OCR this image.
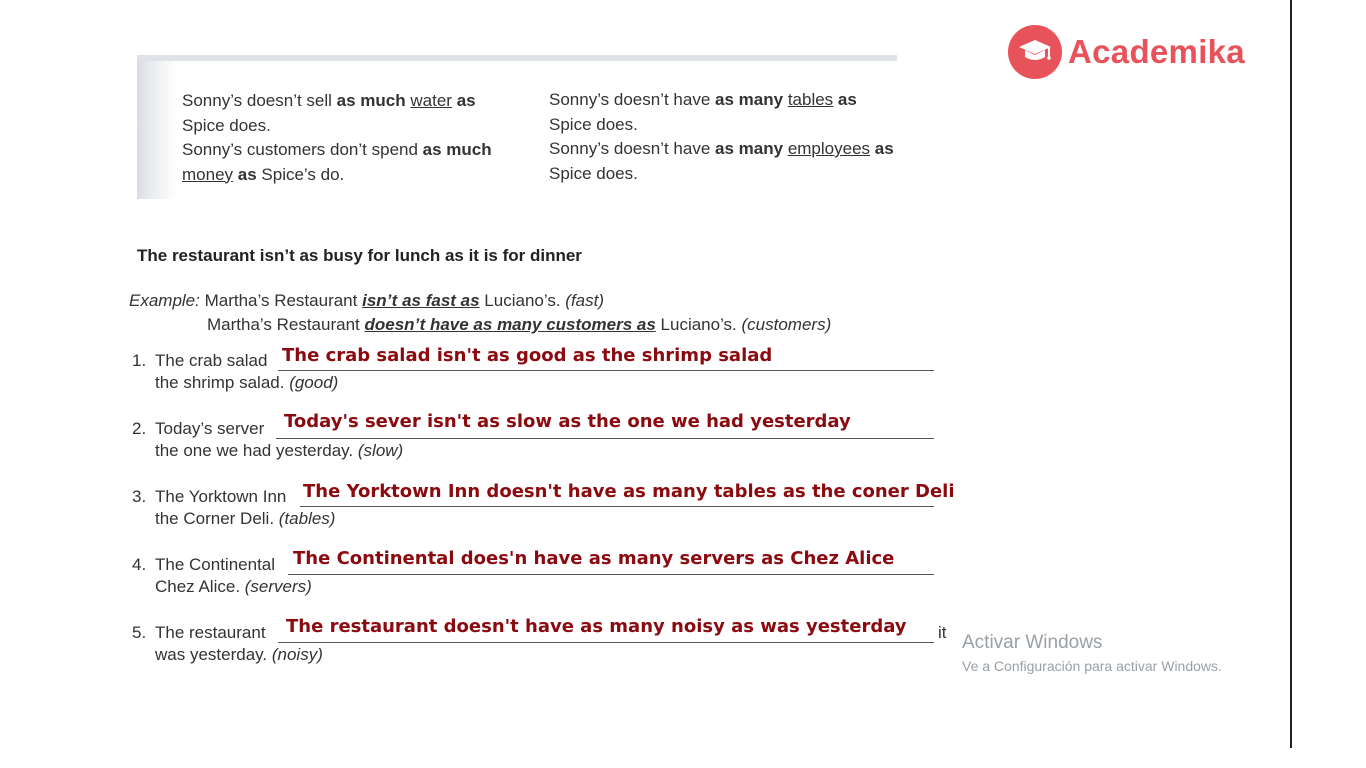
Academika
Sonny’s doesn’t sell as much water as
Spice does.
Sonny’s customers don’t spend as much
money as Spice’s do.
Sonny’s doesn’t have as many tables as
Spice does.
Sonny’s doesn’t have as many employees as
Spice does.
The restaurant isn’t as busy for lunch as it is for dinner
Example: Martha’s Restaurant isn’t as fast as Luciano’s. (fast)
Martha’s Restaurant doesn’t have as many customers as Luciano’s. (customers)
1. The crab salad The crab salad isn't as good as the shrimp salad
the shrimp salad. (good)
2. Today’s server Today's sever isn't as slow as the one we had yesterday
the one we had yesterday. (slow)
3. The Yorktown Inn The Yorktown Inn doesn't have as many tables as the coner Deli
the Corner Deli. (tables)
4. The Continental The Continental does'n have as many servers as Chez Alice
Chez Alice. (servers)
5. The restaurant The restaurant doesn't have as many noisy as was yesterday it
was yesterday. (noisy)
Activar Windows
Ve a Configuración para activar Windows.
